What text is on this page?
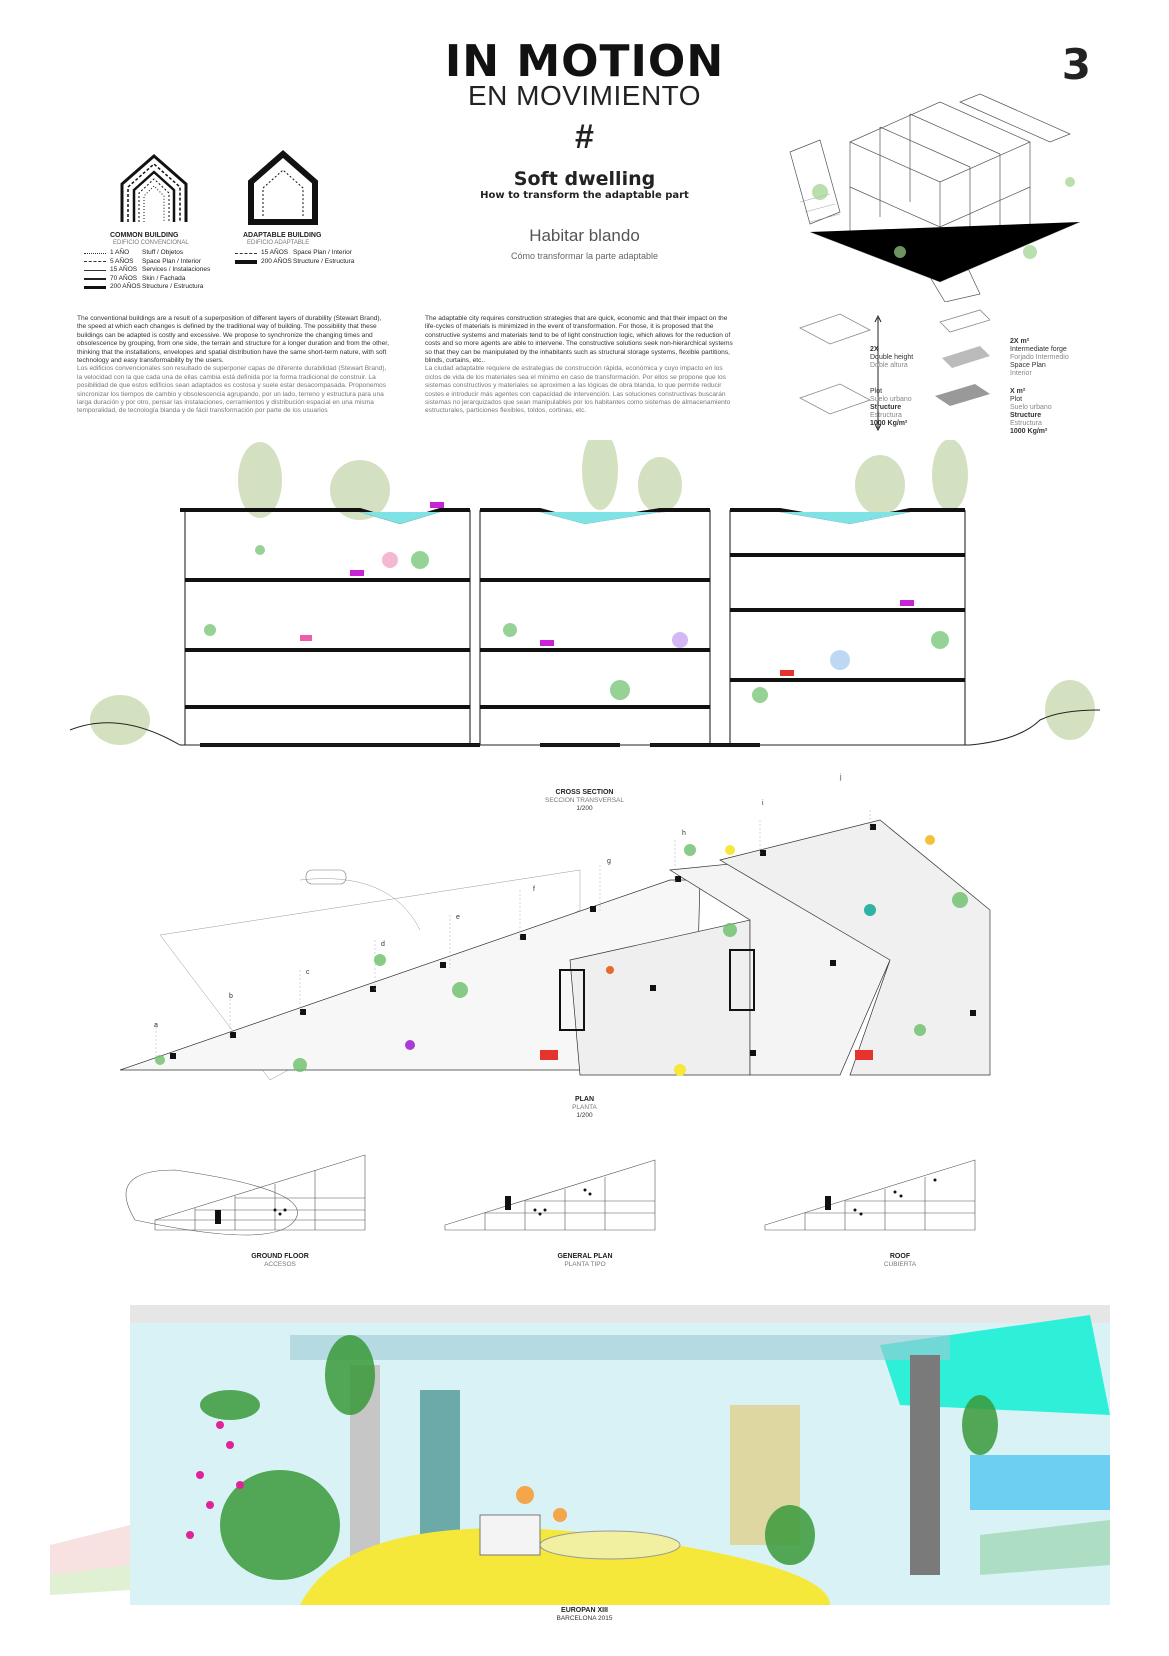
IN MOTION
EN MOVIMIENTO
3
#
Soft dwelling
How to transform the adaptable part
Habitar blando
Cómo transformar la parte adaptable
COMMON BUILDING
EDIFICIO CONVENCIONAL
ADAPTABLE BUILDING
EDIFICIO ADAPTABLE
1 AÑO	Stuff / Objetos
5 AÑOS	Space Plan / Interior
15 AÑOS Services / Instalaciones
70 AÑOS Skin / Fachada
200 AÑOS Structure / Estructura
15 AÑOS Space Plan / Interior
200 AÑOS Structure / Estructura
The conventional buildings are a result of a superposition of different layers of durability (Stewart Brand), the speed at which each changes is defined by the traditional way of building. The possibility that these buildings can be adapted is costly and excessive. We propose to synchronize the changing times and obsolescence by grouping, from one side, the terrain and structure for a longer duration and from the other, thinking that the installations, envelopes and spatial distribution have the same short-term nature, with soft technology and easy transformability by the users.
Los edificios convencionales son resultado de superponer capas de diferente durabilidad (Stewart Brand), la velocidad con la que cada una de ellas cambia está definida por la forma tradicional de construir. La posibilidad de que estos edificios sean adaptados es costosa y suele estar desacompasada. Proponemos sincronizar los tiempos de cambio y obsolescencia agrupando, por un lado, terreno y estructura para una larga duración y por otro, pensar las instalaciones, cerramientos y distribución espacial en una misma temporalidad, de tecnología blanda y de fácil transformación por parte de los usuarios
The adaptable city requires construction strategies that are quick, economic and that their impact on the life-cycles of materials is minimized in the event of transformation. For those, it is proposed that the constructive systems and materials tend to be of light construction logic, which allows for the reduction of costs and so more agents are able to intervene. The constructive solutions seek non-hierarchical systems so that they can be manipulated by the inhabitants such as structural storage systems, flexible partitions, blinds, curtains, etc..
La ciudad adaptable requiere de estrategias de construcción rápida, económica y cuyo impacto en los ciclos de vida de los materiales sea el mínimo en caso de transformación. Por ellos se propone que los sistemas constructivos y materiales se aproximen a las lógicas de obra blanda, lo que permite reducir costes e introducir más agentes con capacidad de intervención. Las soluciones constructivas buscarán sistemas no jerarquizados que sean manipulables por los habitantes como sistemas de almacenamiento estructurales, particiones flexibles, toldos, cortinas, etc.
2X
Double height
Doble altura
Plot
Suelo urbano
Structure
Estructura
1000 Kg/m²
2X m²
Intermediate forge
Forjado Intermedio
Space Plan
Interior
X m²
Plot
Suelo urbano
Structure
Estructura
1000 Kg/m²
CROSS SECTION
SECCION TRANSVERSAL
1/200
a
b
c
d
e
f
g
h
i
j
PLAN
PLANTA
1/200
GROUND FLOOR
ACCESOS
GENERAL PLAN
PLANTA TIPO
ROOF
CUBIERTA
EUROPAN XIII
BARCELONA 2015
